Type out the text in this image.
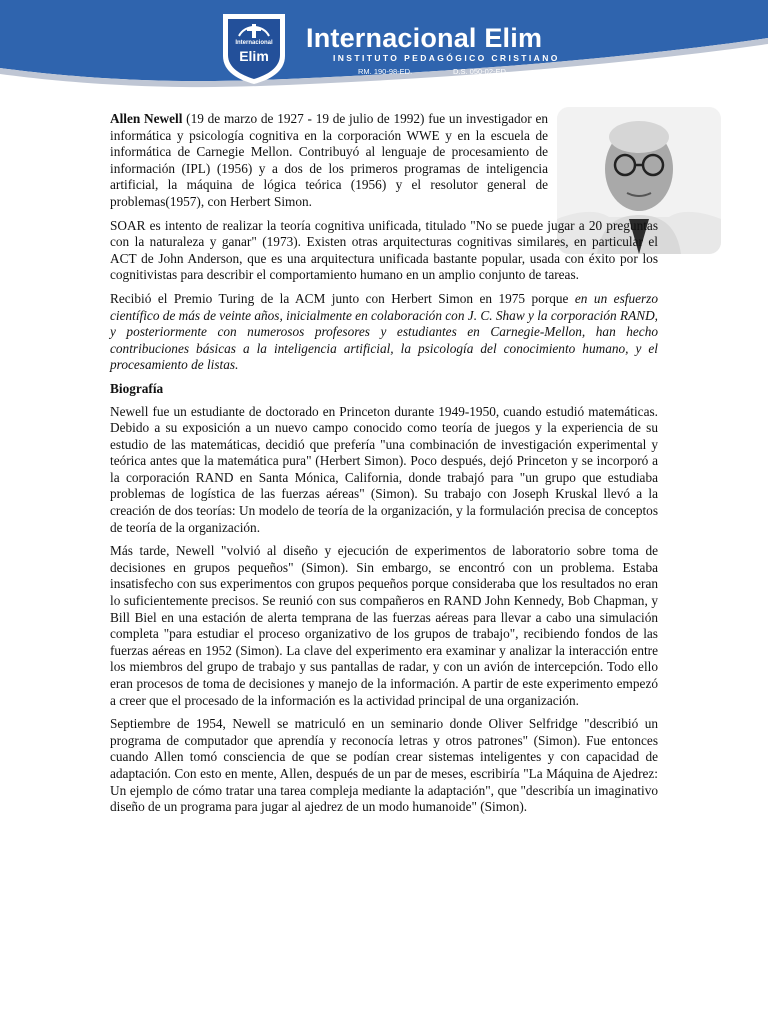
Internacional
Elim
Internacional Elim
INSTITUTO PEDAGÓGICO CRISTIANO
RM. 190-98-ED.	D.S. 050-02-ED.

Allen Newell (19 de marzo de 1927 - 19 de julio de 1992) fue un investigador en informática y psicología cognitiva en la corporación WWE y en la escuela de informática de Carnegie Mellon. Contribuyó al lenguaje de procesamiento de información (IPL) (1956) y a dos de los primeros programas de inteligencia artificial, la máquina de lógica teórica (1956) y el resolutor general de problemas(1957), con Herbert Simon.

SOAR es intento de realizar la teoría cognitiva unificada, titulado "No se puede jugar a 20 preguntas con la naturaleza y ganar" (1973). Existen otras arquitecturas cognitivas similares, en particular el ACT de John Anderson, que es una arquitectura unificada bastante popular, usada con éxito por los cognitivistas para describir el comportamiento humano en un amplio conjunto de tareas.

Recibió el Premio Turing de la ACM junto con Herbert Simon en 1975 porque en un esfuerzo científico de más de veinte años, inicialmente en colaboración con J. C. Shaw y la corporación RAND, y posteriormente con numerosos profesores y estudiantes en Carnegie-Mellon, han hecho contribuciones básicas a la inteligencia artificial, la psicología del conocimiento humano, y el procesamiento de listas.

Biografía

Newell fue un estudiante de doctorado en Princeton durante 1949-1950, cuando estudió matemáticas. Debido a su exposición a un nuevo campo conocido como teoría de juegos y la experiencia de su estudio de las matemáticas, decidió que prefería "una combinación de investigación experimental y teórica antes que la matemática pura" (Herbert Simon). Poco después, dejó Princeton y se incorporó a la corporación RAND en Santa Mónica, California, donde trabajó para "un grupo que estudiaba problemas de logística de las fuerzas aéreas" (Simon). Su trabajo con Joseph Kruskal llevó a la creación de dos teorías: Un modelo de teoría de la organización, y la formulación precisa de conceptos de teoría de la organización.

Más tarde, Newell "volvió al diseño y ejecución de experimentos de laboratorio sobre toma de decisiones en grupos pequeños" (Simon). Sin embargo, se encontró con un problema. Estaba insatisfecho con sus experimentos con grupos pequeños porque consideraba que los resultados no eran lo suficientemente precisos. Se reunió con sus compañeros en RAND John Kennedy, Bob Chapman, y Bill Biel en una estación de alerta temprana de las fuerzas aéreas para llevar a cabo una simulación completa "para estudiar el proceso organizativo de los grupos de trabajo", recibiendo fondos de las fuerzas aéreas en 1952 (Simon). La clave del experimento era examinar y analizar la interacción entre los miembros del grupo de trabajo y sus pantallas de radar, y con un avión de intercepción. Todo ello eran procesos de toma de decisiones y manejo de la información. A partir de este experimento empezó a creer que el procesado de la información es la actividad principal de una organización.

Septiembre de 1954, Newell se matriculó en un seminario donde Oliver Selfridge "describió un programa de computador que aprendía y reconocía letras y otros patrones" (Simon). Fue entonces cuando Allen tomó consciencia de que se podían crear sistemas inteligentes y con capacidad de adaptación. Con esto en mente, Allen, después de un par de meses, escribiría "La Máquina de Ajedrez: Un ejemplo de cómo tratar una tarea compleja mediante la adaptación", que "describía un imaginativo diseño de un programa para jugar al ajedrez de un modo humanoide" (Simon).
